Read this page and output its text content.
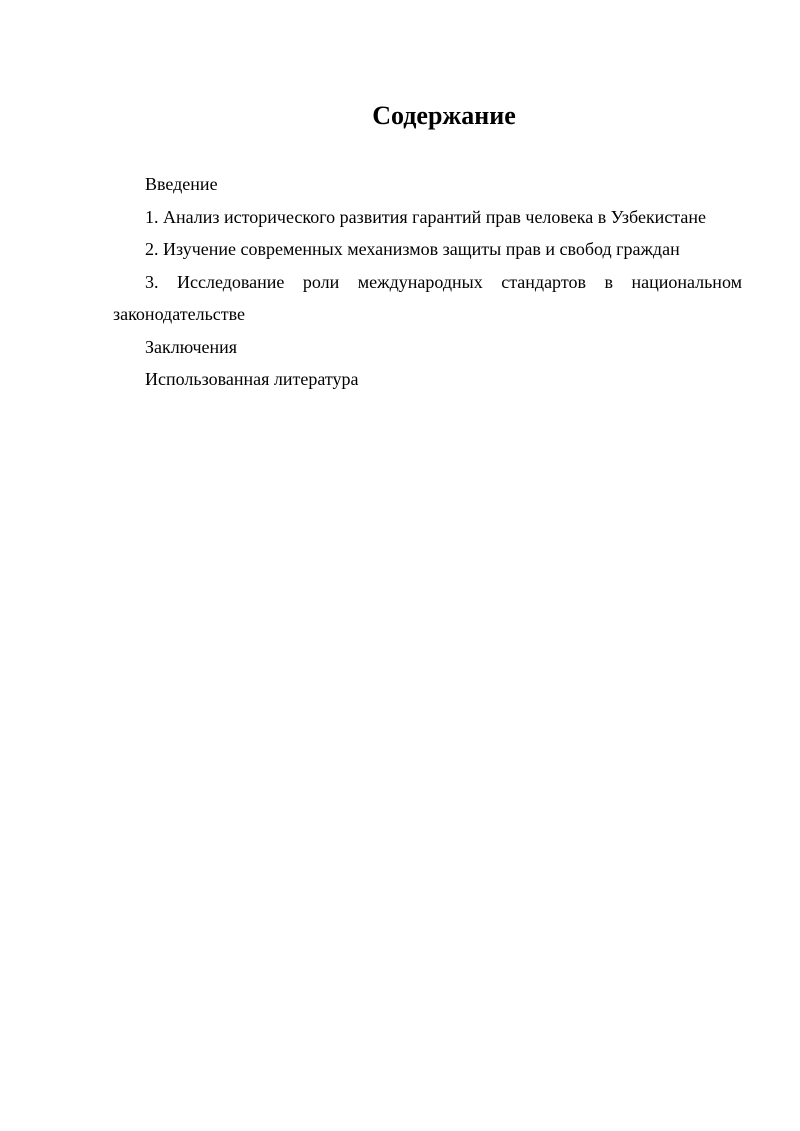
Содержание

Введение

1. Анализ исторического развития гарантий прав человека в Узбекистане

2. Изучение современных механизмов защиты прав и свобод граждан

3. Исследование роли международных стандартов в национальном законодательстве

Заключения

Использованная литература
